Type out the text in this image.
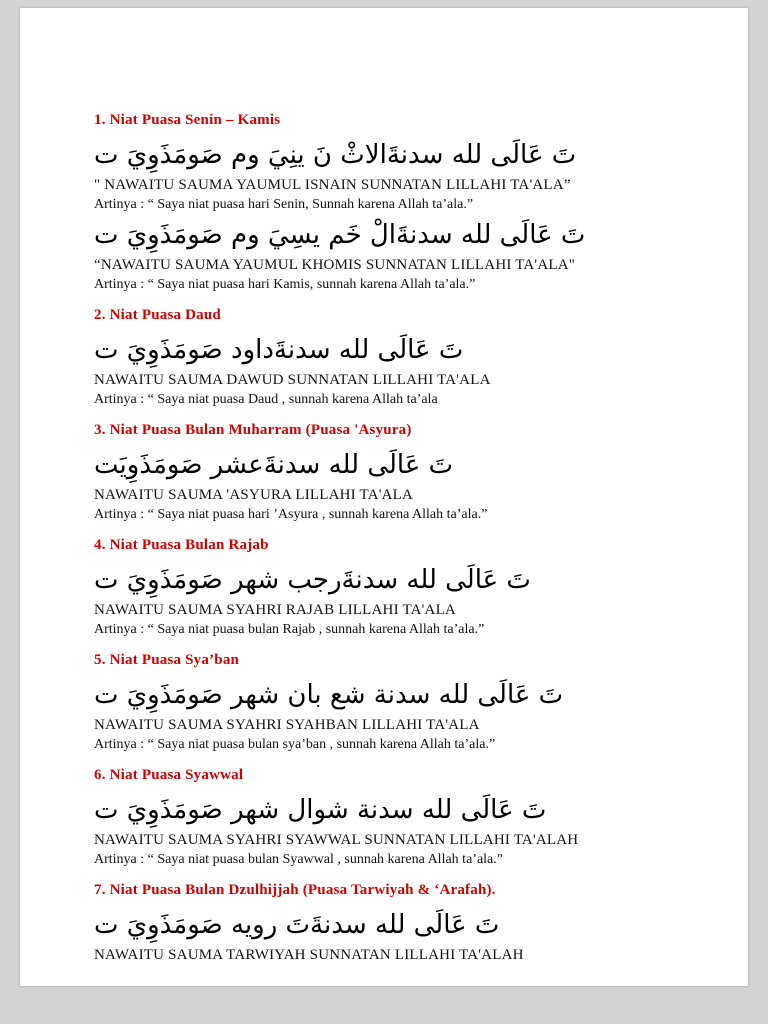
1. Niat Puasa Senin – Kamis

تَ عَالَى لله سدنةَالاثْ نَ ينِيَ وم صَومَذَوِيَ ت

" NAWAITU SAUMA YAUMUL ISNAIN SUNNATAN LILLAHI TA'ALA”

Artinya : “ Saya niat puasa hari Senin, Sunnah karena Allah ta’ala.”

تَ عَالَى لله سدنةَالْ خَم يسِيَ وم صَومَذَوِيَ ت

“NAWAITU SAUMA YAUMUL KHOMIS SUNNATAN LILLAHI TA'ALA"

Artinya : “ Saya niat puasa hari Kamis, sunnah karena Allah ta’ala.”

2. Niat Puasa Daud

تَ عَالَى لله سدنةَداود صَومَذَوِيَ ت

NAWAITU SAUMA DAWUD SUNNATAN LILLAHI TA'ALA

Artinya : “ Saya niat puasa Daud , sunnah karena Allah ta’ala

3. Niat Puasa Bulan Muharram (Puasa 'Asyura)

تَ عَالَى لله سدنةَعشر صَومَذَوِيَت

NAWAITU SAUMA 'ASYURA LILLAHI TA'ALA

Artinya : “ Saya niat puasa hari ’Asyura , sunnah karena Allah ta’ala.”

4. Niat Puasa Bulan Rajab

تَ عَالَى لله سدنةَرجب شهر صَومَذَوِيَ ت

NAWAITU SAUMA SYAHRI RAJAB LILLAHI TA'ALA

Artinya : “ Saya niat puasa bulan Rajab , sunnah karena Allah ta’ala.”

5. Niat Puasa Sya’ban

تَ عَالَى لله سدنة شع بان شهر صَومَذَوِيَ ت

NAWAITU SAUMA SYAHRI SYAHBAN LILLAHI TA'ALA

Artinya : “ Saya niat puasa bulan sya’ban , sunnah karena Allah ta’ala.”

6. Niat Puasa Syawwal

تَ عَالَى لله سدنة شوال شهر صَومَذَوِيَ ت

NAWAITU SAUMA SYAHRI SYAWWAL SUNNATAN LILLAHI TA'ALAH

Artinya : “ Saya niat puasa bulan Syawwal , sunnah karena Allah ta’ala.”

7. Niat Puasa Bulan Dzulhijjah (Puasa Tarwiyah & ‘Arafah).

تَ عَالَى لله سدنةَتَ رويه صَومَذَوِيَ ت

NAWAITU SAUMA TARWIYAH SUNNATAN LILLAHI TA'ALAH
